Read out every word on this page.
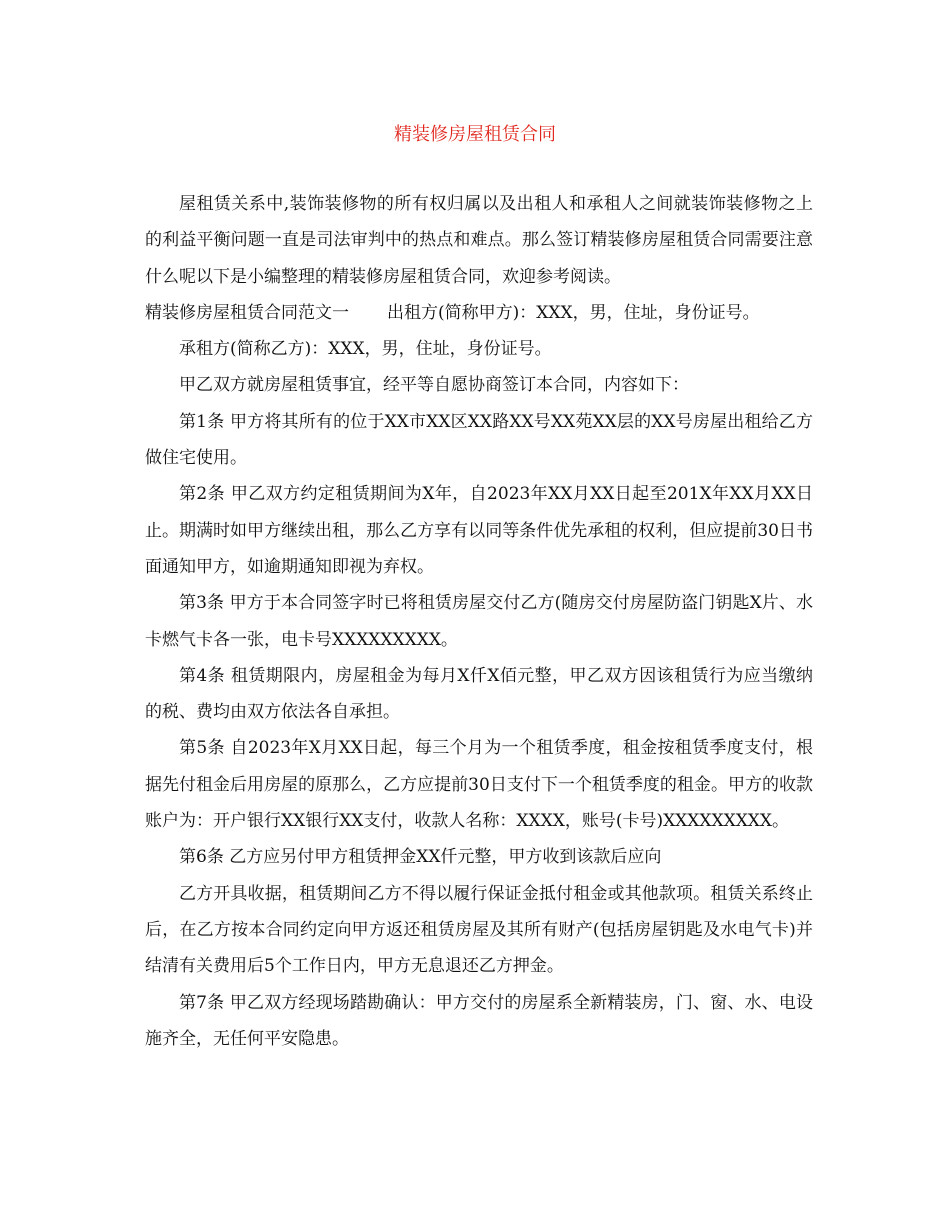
精装修房屋租赁合同

屋租赁关系中,装饰装修物的所有权归属以及出租人和承租人之间就装饰装修物之上的利益平衡问题一直是司法审判中的热点和难点。那么签订精装修房屋租赁合同需要注意什么呢以下是小编整理的精装修房屋租赁合同，欢迎参考阅读。

精装修房屋租赁合同范文一 出租方(简称甲方)：XXX，男，住址，身份证号。

承租方(简称乙方)：XXX，男，住址，身份证号。

甲乙双方就房屋租赁事宜，经平等自愿协商签订本合同，内容如下：

第1条 甲方将其所有的位于XX市XX区XX路XX号XX苑XX层的XX号房屋出租给乙方做住宅使用。

第2条 甲乙双方约定租赁期间为X年，自2023年XX月XX日起至201X年XX月XX日止。期满时如甲方继续出租，那么乙方享有以同等条件优先承租的权利，但应提前30日书面通知甲方，如逾期通知即视为弃权。

第3条 甲方于本合同签字时已将租赁房屋交付乙方(随房交付房屋防盗门钥匙X片、水卡燃气卡各一张，电卡号XXXXXXXXX。

第4条 租赁期限内，房屋租金为每月X仟X佰元整，甲乙双方因该租赁行为应当缴纳的税、费均由双方依法各自承担。

第5条 自2023年X月XX日起，每三个月为一个租赁季度，租金按租赁季度支付，根据先付租金后用房屋的原那么，乙方应提前30日支付下一个租赁季度的租金。甲方的收款账户为：开户银行XX银行XX支付，收款人名称：XXXX，账号(卡号)XXXXXXXXX。

第6条 乙方应另付甲方租赁押金XX仟元整，甲方收到该款后应向

乙方开具收据，租赁期间乙方不得以履行保证金抵付租金或其他款项。租赁关系终止后，在乙方按本合同约定向甲方返还租赁房屋及其所有财产(包括房屋钥匙及水电气卡)并结清有关费用后5个工作日内，甲方无息退还乙方押金。

第7条 甲乙双方经现场踏勘确认：甲方交付的房屋系全新精装房，门、窗、水、电设施齐全，无任何平安隐患。
